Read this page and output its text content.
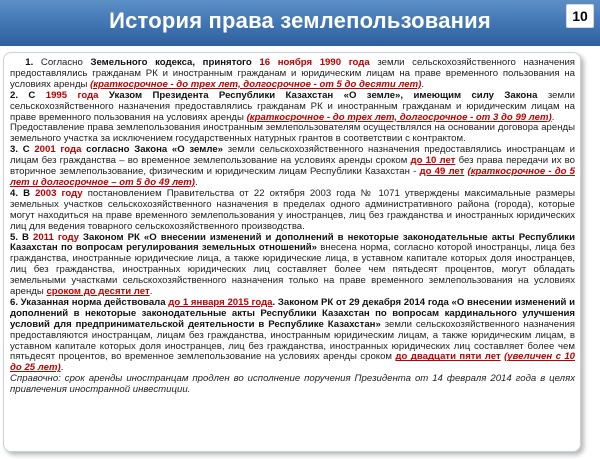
История права землепользования	10

1. Согласно Земельного кодекса, принятого 16 ноября 1990 года земли сельскохозяйственного назначения предоставлялись гражданам РК и иностранным гражданам и юридическим лицам на праве временного пользования на условиях аренды (краткосрочное - до трех лет, долгосрочное - от 5 до десяти лет).

2. С 1995 года Указом Президента Республики Казахстан «О земле», имеющим силу Закона земли сельскохозяйственного назначения предоставлялись гражданам РК и иностранным гражданам и юридическим лицам на праве временного пользования на условиях аренды (краткосрочное - до трех лет, долгосрочное - от 3 до 99 лет).

Предоставление права землепользования иностранным землепользователям осуществлялся на основании договора аренды земельного участка за исключением государственных натурных грантов в соответствии с контрактом.

3. С 2001 года согласно Закона «О земле» земли сельскохозяйственного назначения предоставлялись иностранцам и лицам без гражданства – во временное землепользование на условиях аренды сроком до 10 лет без права передачи их во вторичное землепользование, физическим и юридическим лицам Республики Казахстан - до 49 лет (краткосрочное - до 5 лет и долгосрочное – от 5 до 49 лет).

4. В 2003 году постановлением Правительства от 22 октября 2003 года № 1071 утверждены максимальные размеры земельных участков сельскохозяйственного назначения в пределах одного административного района (города), которые могут находиться на праве временного землепользования у иностранцев, лиц без гражданства и иностранных юридических лиц для ведения товарного сельскохозяйственного производства.

5. В 2011 году Законом РК «О внесении изменений и дополнений в некоторые законодательные акты Республики Казахстан по вопросам регулирования земельных отношений» внесена норма, согласно которой иностранцы, лица без гражданства, иностранные юридические лица, а также юридические лица, в уставном капитале которых доля иностранцев, лиц без гражданства, иностранных юридических лиц составляет более чем пятьдесят процентов, могут обладать земельными участками сельскохозяйственного назначения только на праве временного землепользования на условиях аренды сроком до десяти лет.

6. Указанная норма действовала до 1 января 2015 года. Законом РК от 29 декабря 2014 года «О внесении изменений и дополнений в некоторые законодательные акты Республики Казахстан по вопросам кардинального улучшения условий для предпринимательской деятельности в Республике Казахстан» земли сельскохозяйственного назначения предоставляются иностранцам, лицам без гражданства, иностранным юридическим лицам, а также юридическим лицам, в уставном капитале которых доля иностранцев, лиц без гражданства, иностранных юридических лиц составляет более чем пятьдесят процентов, во временное землепользование на условиях аренды сроком до двадцати пяти лет (увеличен с 10 до 25 лет).

Справочно: срок аренды иностранцам продлен во исполнение поручения Президента от 14 февраля 2014 года в целях привлечения иностранной инвестиции.
